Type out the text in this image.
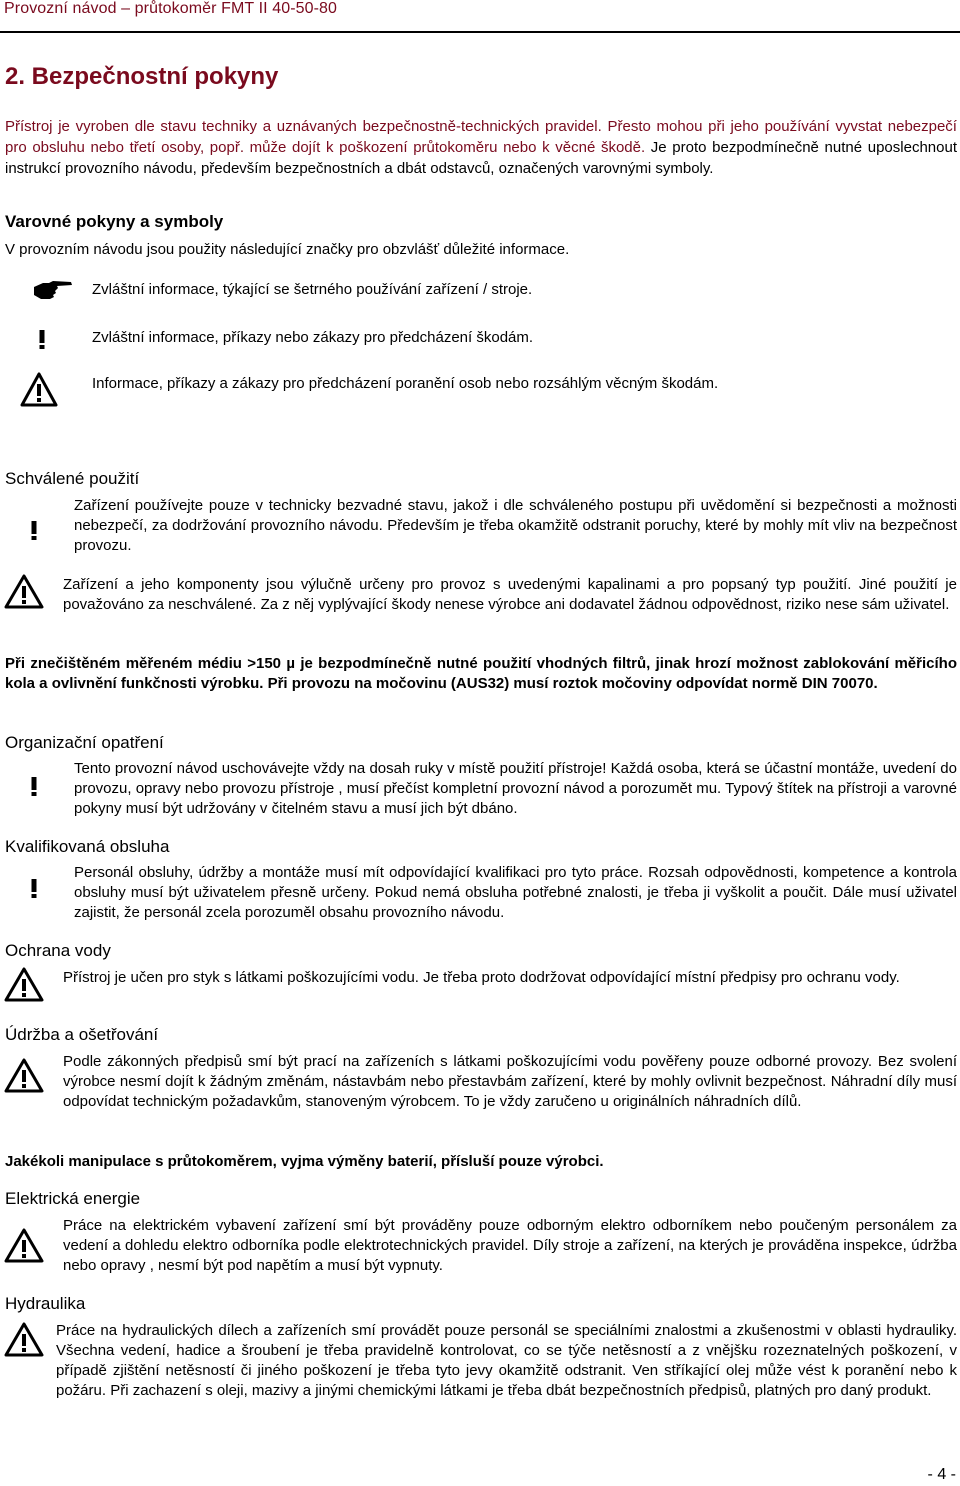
Provozní návod – průtokoměr FMT II 40-50-80
2. Bezpečnostní pokyny
Přístroj je vyroben dle stavu techniky a uznávaných bezpečnostně-technických pravidel. Přesto mohou při jeho používání vyvstat nebezpečí pro obsluhu nebo třetí osoby, popř. může dojít k poškození průtokoměru nebo k věcné škodě. Je proto bezpodmínečně nutné uposlechnout instrukcí provozního návodu, především bezpečnostních a dbát odstavců, označených varovnými symboly.
Varovné pokyny a symboly
V provozním návodu jsou použity následující značky pro obzvlášť důležité informace.
Zvláštní informace, týkající se šetrného používání zařízení / stroje.
Zvláštní informace, příkazy nebo zákazy pro předcházení škodám.
Informace, příkazy a zákazy pro předcházení poranění osob nebo rozsáhlým věcným škodám.
Schválené použití
Zařízení používejte pouze v technicky bezvadné stavu, jakož i dle schváleného postupu při uvědomění si bezpečnosti a možnosti nebezpečí, za dodržování provozního návodu. Především je třeba okamžitě odstranit poruchy, které by mohly mít vliv na bezpečnost provozu.
Zařízení a jeho komponenty jsou výlučně určeny pro provoz s uvedenými kapalinami a pro popsaný typ použití. Jiné použití je považováno za neschválené. Za z něj vyplývající škody nenese výrobce ani dodavatel žádnou odpovědnost, riziko nese sám uživatel.
Při znečištěném měřeném médiu >150 µ je bezpodmínečně nutné použití vhodných filtrů, jinak hrozí možnost zablokování měřicího kola a ovlivnění funkčnosti výrobku. Při provozu na močovinu (AUS32) musí roztok močoviny odpovídat normě DIN 70070.
Organizační opatření
Tento provozní návod uschovávejte vždy na dosah ruky v místě použití přístroje! Každá osoba, která se účastní montáže, uvedení do provozu, opravy nebo provozu přístroje , musí přečíst kompletní provozní návod a porozumět mu. Typový štítek na přístroji a varovné pokyny musí být udržovány v čitelném stavu a musí jich být dbáno.
Kvalifikovaná obsluha
Personál obsluhy, údržby a montáže musí mít odpovídající kvalifikaci pro tyto práce. Rozsah odpovědnosti, kompetence a kontrola obsluhy musí být uživatelem přesně určeny. Pokud nemá obsluha potřebné znalosti, je třeba ji vyškolit a poučit. Dále musí uživatel zajistit, že personál zcela porozuměl obsahu provozního návodu.
Ochrana vody
Přístroj je učen pro styk s látkami poškozujícími vodu. Je třeba proto dodržovat odpovídající místní předpisy pro ochranu vody.
Údržba a ošetřování
Podle zákonných předpisů smí být prací na zařízeních s látkami poškozujícími vodu pověřeny pouze odborné provozy. Bez svolení výrobce nesmí dojít k žádným změnám, nástavbám nebo přestavbám zařízení, které by mohly ovlivnit bezpečnost. Náhradní díly musí odpovídat technickým požadavkům, stanoveným výrobcem. To je vždy zaručeno u originálních náhradních dílů.
Jakékoli manipulace s průtokoměrem, vyjma výměny baterií, přísluší pouze výrobci.
Elektrická energie
Práce na elektrickém vybavení zařízení smí být prováděny pouze odborným elektro odborníkem nebo poučeným personálem za vedení a dohledu elektro odborníka podle elektrotechnických pravidel. Díly stroje a zařízení, na kterých je prováděna inspekce, údržba nebo opravy , nesmí být pod napětím a musí být vypnuty.
Hydraulika
Práce na hydraulických dílech a zařízeních smí provádět pouze personál se speciálními znalostmi a zkušenostmi v oblasti hydrauliky. Všechna vedení, hadice a šroubení je třeba pravidelně kontrolovat, co se týče netěsností a z vnějšku rozeznatelných poškození, v případě zjištění netěsností či jiného poškození je třeba tyto jevy okamžitě odstranit. Ven stříkající olej může vést k poranění nebo k požáru. Při zachazení s oleji, mazivy a jinými chemickými látkami je třeba dbát bezpečnostních předpisů, platných pro daný produkt.
- 4 -
